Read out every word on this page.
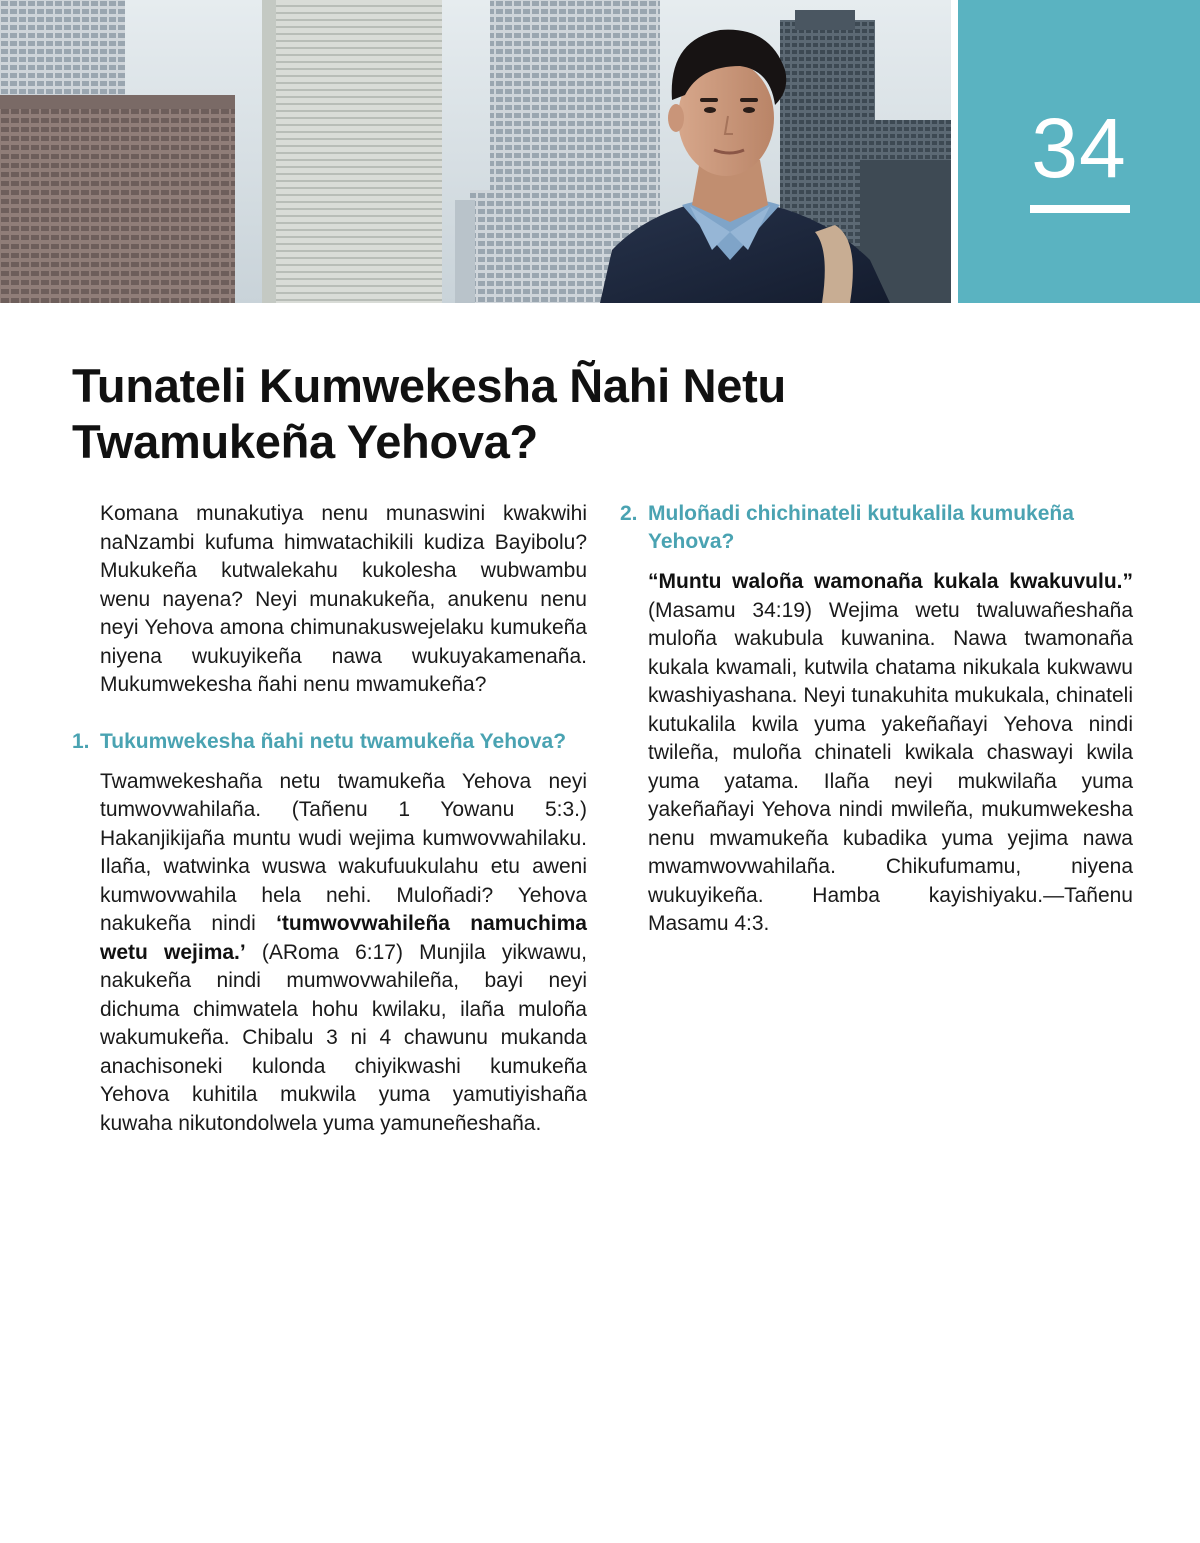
34
Tunateli Kumwekesha Ñahi Netu
Twamukeña Yehova?

Komana munakutiya nenu munaswini kwakwihi naNzambi kufuma himwatachikili kudiza Bayibolu? Mukukeña kutwalekahu kukolesha wubwambu wenu nayena? Neyi munakukeña, anukenu nenu neyi Yehova amona chimunakuswejelaku kumukeña niyena wukuyikeña nawa wukuyakamenaña. Mukumwekesha ñahi nenu mwamukeña?

1. Tukumwekesha ñahi netu twamukeña Yehova?

Twamwekeshaña netu twamukeña Yehova neyi tumwovwahilaña. (Tañenu 1 Yowanu 5:3.) Hakanjikijaña muntu wudi wejima kumwovwahilaku. Ilaña, watwinka wuswa wakufuukulahu etu aweni kumwovwahila hela nehi. Muloñadi? Yehova nakukeña nindi ‘tumwovwahileña namuchima wetu wejima.’ (ARoma 6:17) Munjila yikwawu, nakukeña nindi mumwovwahileña, bayi neyi dichuma chimwatela hohu kwilaku, ilaña muloña wakumukeña. Chibalu 3 ni 4 chawunu mukanda anachisoneki kulonda chiyikwashi kumukeña Yehova kuhitila mukwila yuma yamutiyishaña kuwaha nikutondolwela yuma yamuneñeshaña.

2. Muloñadi chichinateli kutukalila kumukeña Yehova?

“Muntu waloña wamonaña kukala kwakuvulu.” (Masamu 34:19) Wejima wetu twaluwañeshaña muloña wakubula kuwanina. Nawa twamonaña kukala kwamali, kutwila chatama nikukala kukwawu kwashiyashana. Neyi tunakuhita mukukala, chinateli kutukalila kwila yuma yakeñañayi Yehova nindi twileña, muloña chinateli kwikala chaswayi kwila yuma yatama. Ilaña neyi mukwilaña yuma yakeñañayi Yehova nindi mwileña, mukumwekesha nenu mwamukeña kubadika yuma yejima nawa mwamwovwahilaña. Chikufumamu, niyena wukuyikeña. Hamba kayishiyaku.—Tañenu Masamu 4:3.
